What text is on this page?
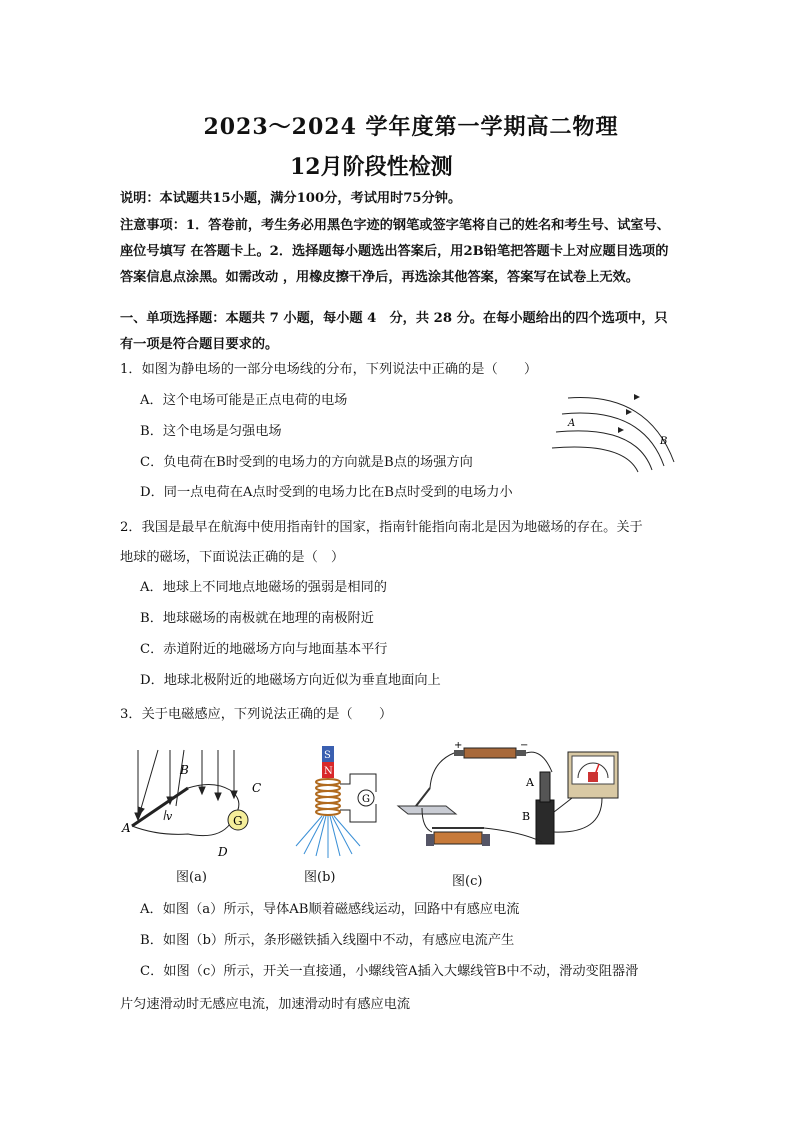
2023～2024 学年度第一学期高二物理
12月阶段性检测
说明：本试题共15小题，满分100分，考试用时75分钟。
注意事项：1．答卷前，考生务必用黑色字迹的钢笔或签字笔将自己的姓名和考生号、试室号、座位号填写 在答题卡上。2．选择题每小题选出答案后，用2B铅笔把答题卡上对应题目选项的答案信息点涂黑。如需改动 ，用橡皮擦干净后，再选涂其他答案，答案写在试卷上无效。
一、单项选择题：本题共 7 小题，每小题 4　分，共 28 分。在每小题给出的四个选项中，只有一项是符合题目要求的。
1．如图为静电场的一部分电场线的分布，下列说法中正确的是（　　）
A．这个电场可能是正点电荷的电场
B．这个电场是匀强电场
C．负电荷在B时受到的电场力的方向就是B点的场强方向
D．同一点电荷在A点时受到的电场力比在B点时受到的电场力小
A
B
2．我国是最早在航海中使用指南针的国家，指南针能指向南北是因为地磁场的存在。关于
地球的磁场，下面说法正确的是（　）
A．地球上不同地点地磁场的强弱是相同的
B．地球磁场的南极就在地理的南极附近
C．赤道附近的地磁场方向与地面基本平行
D．地球北极附近的地磁场方向近似为垂直地面向上
3．关于电磁感应，下列说法正确的是（　　）
G
A
B
C
D
v
图(a)
S
N
G
图(b)
+	−
A
B
图(c)
A．如图（a）所示，导体AB顺着磁感线运动，回路中有感应电流
B．如图（b）所示，条形磁铁插入线圈中不动，有感应电流产生
C．如图（c）所示，开关一直接通，小螺线管A插入大螺线管B中不动，滑动变阻器滑
片匀速滑动时无感应电流，加速滑动时有感应电流
